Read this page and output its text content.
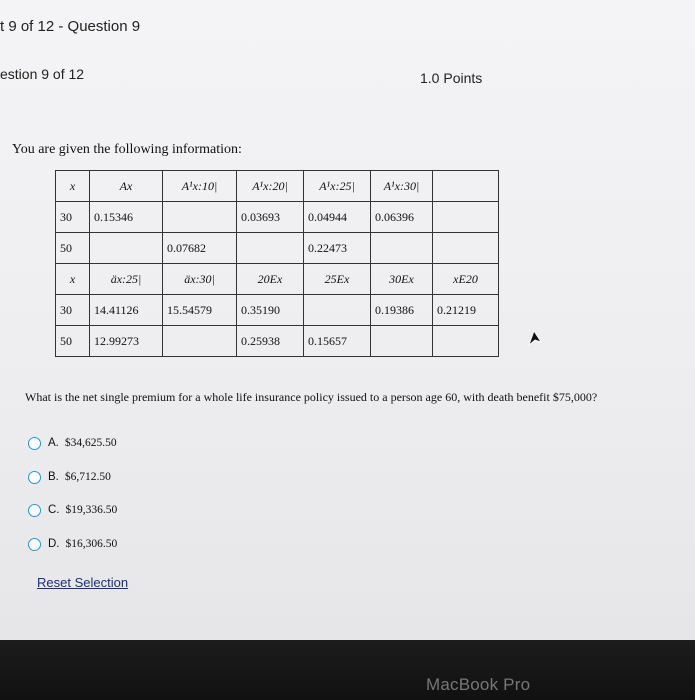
t 9 of 12 - Question 9
estion 9 of 12	1.0 Points
You are given the following information:
x	Ax	A¹x:10|	A¹x:20|	A¹x:25|	A¹x:30|	
30	0.15346		0.03693	0.04944	0.06396	
50		0.07682		0.22473		
x	äx:25|	äx:30|	20Ex	25Ex	30Ex	xE20
30	14.41126	15.54579	0.35190		0.19386	0.21219
50	12.99273		0.25938	0.15657		
What is the net single premium for a whole life insurance policy issued to a person age 60, with death benefit $75,000?
A. $34,625.50
B. $6,712.50
C. $19,336.50
D. $16,306.50
Reset Selection
MacBook Pro
